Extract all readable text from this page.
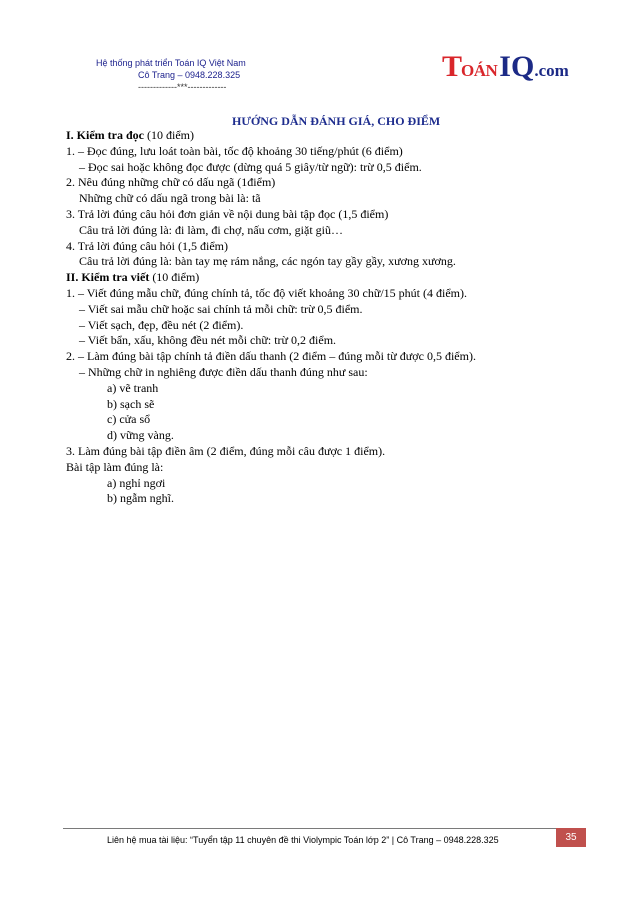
Hệ thống phát triển Toán IQ Việt Nam
Cô Trang – 0948.228.325
-------------***-------------
TOÁNIQ.com
HƯỚNG DẪN ĐÁNH GIÁ, CHO ĐIỂM
I. Kiểm tra đọc (10 điểm)
1. – Đọc đúng, lưu loát toàn bài, tốc độ khoảng 30 tiếng/phút (6 điểm)
– Đọc sai hoặc không đọc được (dừng quá 5 giây/từ ngữ): trừ 0,5 điểm.
2. Nêu đúng những chữ có dấu ngã (1điểm)
Những chữ có dấu ngã trong bài là: tã
3. Trả lời đúng câu hỏi đơn giản về nội dung bài tập đọc (1,5 điểm)
Câu trả lời đúng là: đi làm, đi chợ, nấu cơm, giặt giũ…
4. Trả lời đúng câu hỏi (1,5 điểm)
Câu trả lời đúng là: bàn tay mẹ rám nắng, các ngón tay gầy gầy, xương xương.
II. Kiểm tra viết (10 điểm)
1. – Viết đúng mẫu chữ, đúng chính tả, tốc độ viết khoảng 30 chữ/15 phút (4 điểm).
– Viết sai mẫu chữ hoặc sai chính tả mỗi chữ: trừ 0,5 điểm.
– Viết sạch, đẹp, đều nét (2 điểm).
– Viết bẩn, xấu, không đều nét mỗi chữ: trừ 0,2 điểm.
2. – Làm đúng bài tập chính tả điền dấu thanh (2 điểm – đúng mỗi từ được 0,5 điểm).
– Những chữ in nghiêng được điền dấu thanh đúng như sau:
a) vẽ tranh
b) sạch sẽ
c) cửa sổ
d) vững vàng.
3. Làm đúng bài tập điền âm (2 điểm, đúng mỗi câu được 1 điểm).
Bài tập làm đúng là:
a) nghỉ ngơi
b) ngẫm nghĩ.
Liên hệ mua tài liệu: “Tuyển tập 11 chuyên đề thi Violympic Toán lớp 2” | Cô Trang – 0948.228.325	35
